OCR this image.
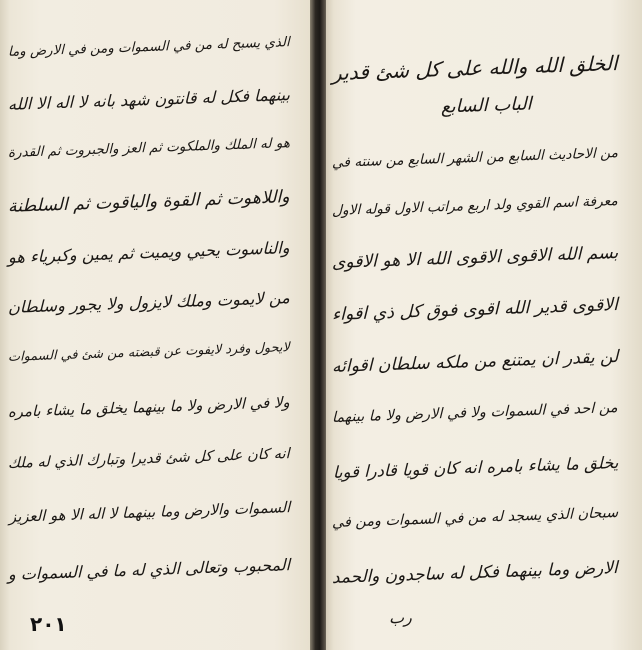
الذي يسبح له من في السموات ومن في الارض وما
بينهما فكل له قانتون شهد بانه لا اله الا الله
هو له الملك والملكوت ثم العز والجبروت ثم القدرة
واللاهوت ثم القوة والياقوت ثم السلطنة
والناسوت يحيي ويميت ثم يمين وكبرياء هو
من لايموت وملك لايزول ولا يجور وسلطان
لايحول وفرد لايفوت عن قبضته من شئ في السموات
ولا في الارض ولا ما بينهما يخلق ما يشاء بامره
انه كان على كل شئ قديرا وتبارك الذي له ملك
السموات والارض وما بينهما لا اله الا هو العزيز
المحبوب وتعالى الذي له ما في السموات و
٢٠١
الخلق الله والله على كل شئ قدير
الباب السابع
من الاحاديث السابع من الشهر السابع من سنته في
معرفة اسم القوي ولد اربع مراتب الاول قوله الاول
بسم الله الاقوى الاقوى الله الا هو الاقوى
الاقوى قدير الله اقوى فوق كل ذي اقواء
لن يقدر ان يمتنع من ملكه سلطان اقوائه
من احد في السموات ولا في الارض ولا ما بينهما
يخلق ما يشاء بامره انه كان قويا قادرا قويا
سبحان الذي يسجد له من في السموات ومن في
الارض وما بينهما فكل له ساجدون والحمد
رب
